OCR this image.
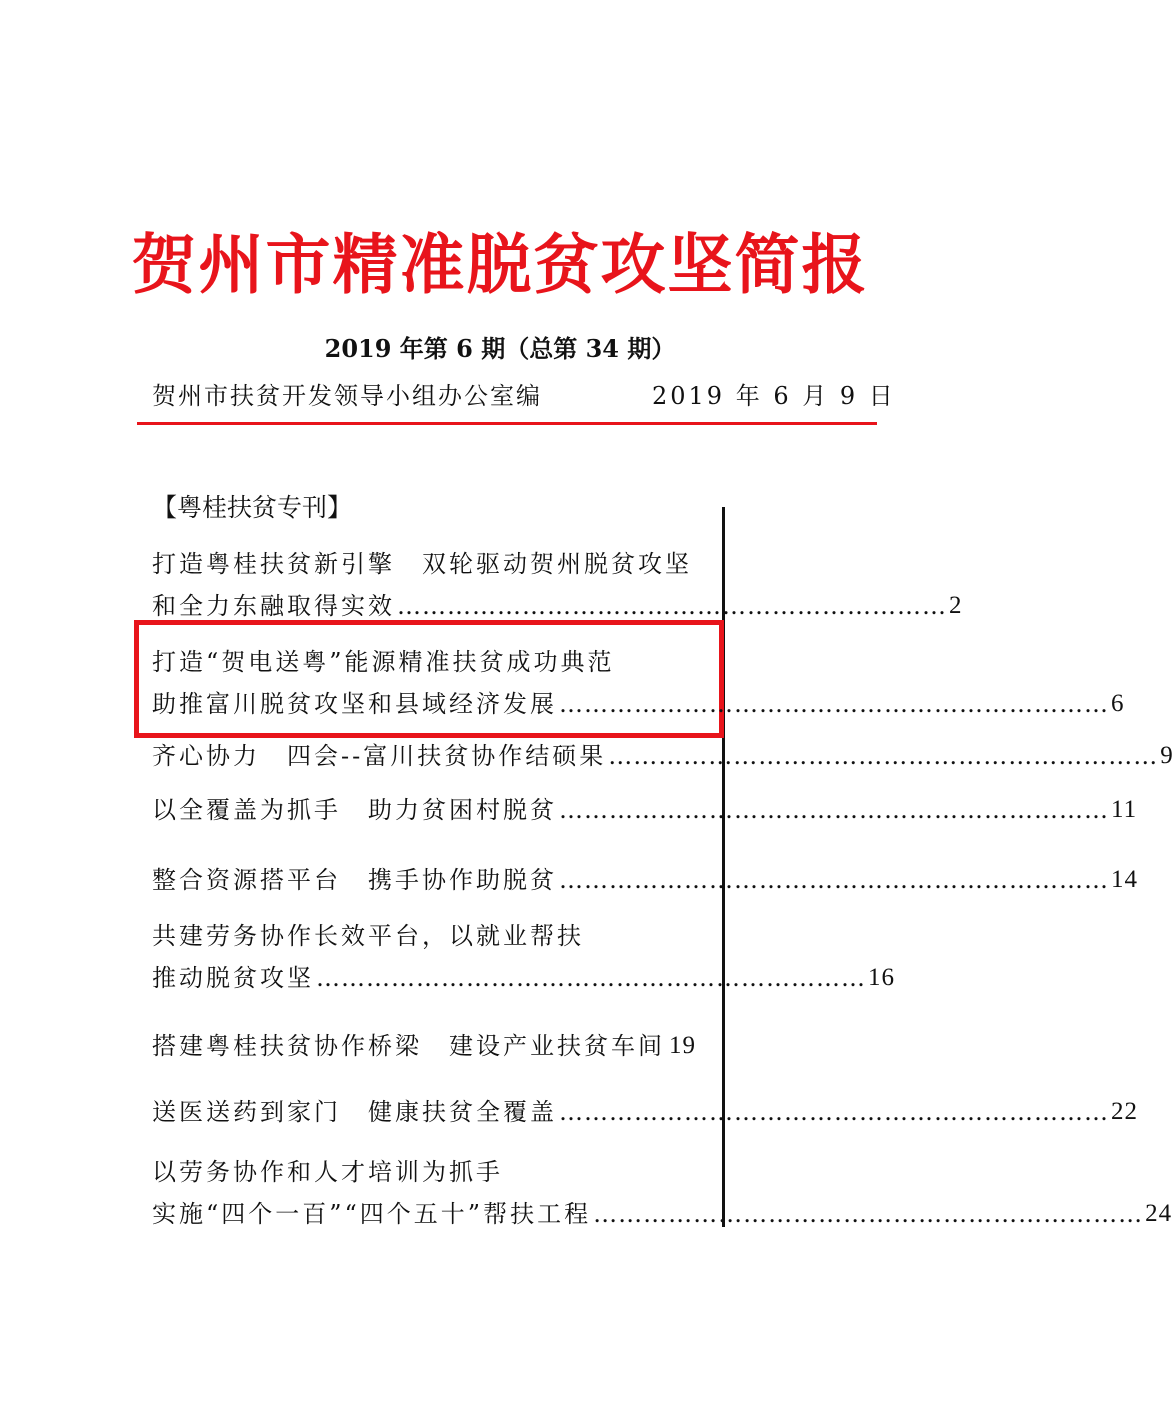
贺州市精准脱贫攻坚简报
2019 年第 6 期（总第 34 期）
贺州市扶贫开发领导小组办公室编	2019 年 6 月 9 日
【粤桂扶贫专刊】
打造粤桂扶贫新引擎　双轮驱动贺州脱贫攻坚
和全力东融取得实效 ………………………………………………………… 2
打造“贺电送粤”能源精准扶贫成功典范
助推富川脱贫攻坚和县域经济发展 ………………………………………………………… 6
齐心协力　四会--富川扶贫协作结硕果 ………………………………………………………… 9
以全覆盖为抓手　助力贫困村脱贫 ………………………………………………………… 11
整合资源搭平台　携手协作助脱贫 ………………………………………………………… 14
共建劳务协作长效平台，以就业帮扶
推动脱贫攻坚 ………………………………………………………… 16
搭建粤桂扶贫协作桥梁　建设产业扶贫车间 19
送医送药到家门　健康扶贫全覆盖 ………………………………………………………… 22
以劳务协作和人才培训为抓手
实施“四个一百”“四个五十”帮扶工程 ………………………………………………………… 24
